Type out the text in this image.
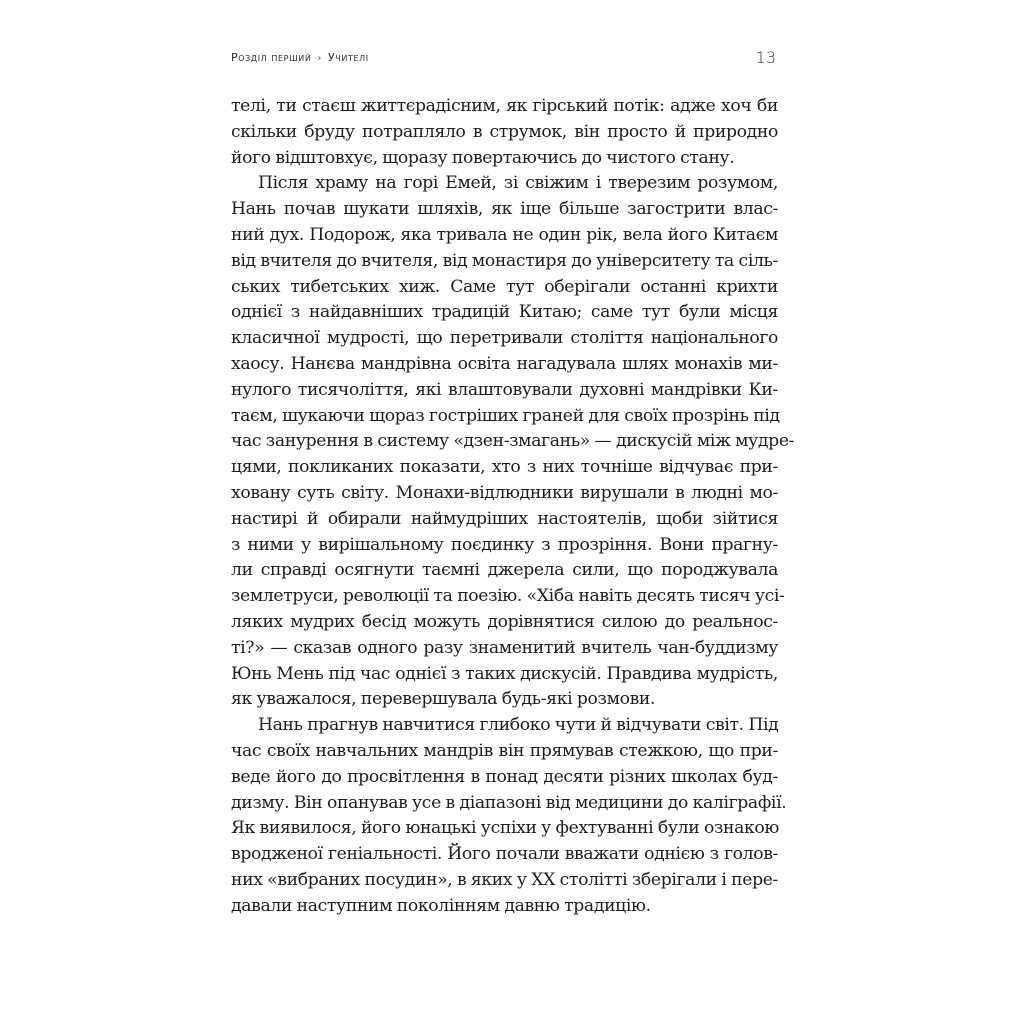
Розділ перший › Учителі	13
телі, ти стаєш життєрадісним, як гірський потік: адже хоч би
скільки бруду потрапляло в струмок, він просто й природно
його відштовхує, щоразу повертаючись до чистого стану.
Після храму на горі Емей, зі свіжим і тверезим розумом,
Нань почав шукати шляхів, як іще більше загострити влас-
ний дух. Подорож, яка тривала не один рік, вела його Китаєм
від вчителя до вчителя, від монастиря до університету та сіль-
ських тибетських хиж. Саме тут оберігали останні крихти
однієї з найдавніших традицій Китаю; саме тут були місця
класичної мудрості, що перетривали століття національного
хаосу. Нанєва мандрівна освіта нагадувала шлях монахів ми-
нулого тисячоліття, які влаштовували духовні мандрівки Ки-
таєм, шукаючи щораз гостріших граней для своїх прозрінь під
час занурення в систему «дзен-змагань» — дискусій між мудре-
цями, покликаних показати, хто з них точніше відчуває при-
ховану суть світу. Монахи-відлюдники вирушали в людні мо-
настирі й обирали наймудріших настоятелів, щоби зійтися
з ними у вирішальному поєдинку з прозріння. Вони прагну-
ли справді осягнути таємні джерела сили, що породжувала
землетруси, революції та поезію. «Хіба навіть десять тисяч усі-
ляких мудрих бесід можуть дорівнятися силою до реальнос-
ті?» — сказав одного разу знаменитий вчитель чан-буддизму
Юнь Мень під час однієї з таких дискусій. Правдива мудрість,
як уважалося, перевершувала будь-які розмови.
Нань прагнув навчитися глибоко чути й відчувати світ. Під
час своїх навчальних мандрів він прямував стежкою, що при-
веде його до просвітлення в понад десяти різних школах буд-
дизму. Він опанував усе в діапазоні від медицини до каліграфії.
Як виявилося, його юнацькі успіхи у фехтуванні були ознакою
вродженої геніальності. Його почали вважати однією з голов-
них «вибраних посудин», в яких у ХХ столітті зберігали і пере-
давали наступним поколінням давню традицію.
